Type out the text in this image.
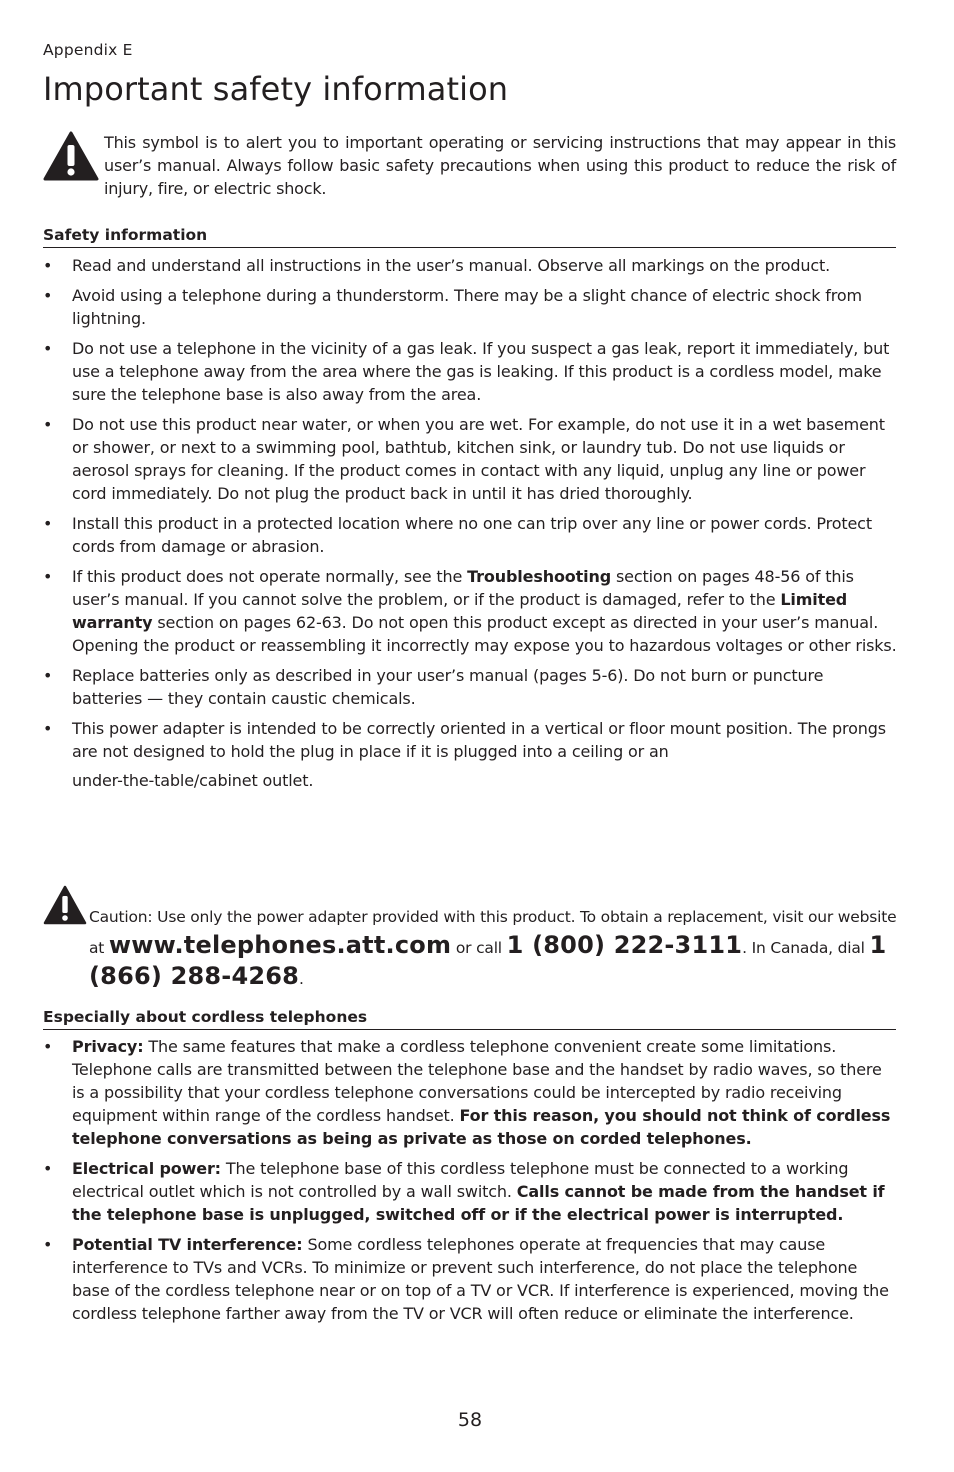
Appendix E
Important safety information
This symbol is to alert you to important operating or servicing instructions that may appear in this user’s manual. Always follow basic safety precautions when using this product to reduce the risk of injury, fire, or electric shock.
Safety information
• Read and understand all instructions in the user’s manual. Observe all markings on the product.
• Avoid using a telephone during a thunderstorm. There may be a slight chance of electric shock from lightning.
• Do not use a telephone in the vicinity of a gas leak. If you suspect a gas leak, report it immediately, but use a telephone away from the area where the gas is leaking. If this product is a cordless model, make sure the telephone base is also away from the area.
• Do not use this product near water, or when you are wet. For example, do not use it in a wet basement or shower, or next to a swimming pool, bathtub, kitchen sink, or laundry tub. Do not use liquids or aerosol sprays for cleaning. If the product comes in contact with any liquid, unplug any line or power cord immediately. Do not plug the product back in until it has dried thoroughly.
• Install this product in a protected location where no one can trip over any line or power cords. Protect cords from damage or abrasion.
• If this product does not operate normally, see the Troubleshooting section on pages 48-56 of this user’s manual. If you cannot solve the problem, or if the product is damaged, refer to the Limited warranty section on pages 62-63. Do not open this product except as directed in your user’s manual. Opening the product or reassembling it incorrectly may expose you to hazardous voltages or other risks.
• Replace batteries only as described in your user’s manual (pages 5-6). Do not burn or puncture batteries — they contain caustic chemicals.
• This power adapter is intended to be correctly oriented in a vertical or floor mount position. The prongs are not designed to hold the plug in place if it is plugged into a ceiling or an
under-the-table/cabinet outlet.
Caution: Use only the power adapter provided with this product. To obtain a replacement, visit our website at www.telephones.att.com or call 1 (800) 222-3111. In Canada, dial 1 (866) 288-4268.
Especially about cordless telephones
• Privacy: The same features that make a cordless telephone convenient create some limitations. Telephone calls are transmitted between the telephone base and the handset by radio waves, so there is a possibility that your cordless telephone conversations could be intercepted by radio receiving equipment within range of the cordless handset. For this reason, you should not think of cordless telephone conversations as being as private as those on corded telephones.
• Electrical power: The telephone base of this cordless telephone must be connected to a working electrical outlet which is not controlled by a wall switch. Calls cannot be made from the handset if the telephone base is unplugged, switched off or if the electrical power is interrupted.
• Potential TV interference: Some cordless telephones operate at frequencies that may cause interference to TVs and VCRs. To minimize or prevent such interference, do not place the telephone base of the cordless telephone near or on top of a TV or VCR. If interference is experienced, moving the cordless telephone farther away from the TV or VCR will often reduce or eliminate the interference.
58
